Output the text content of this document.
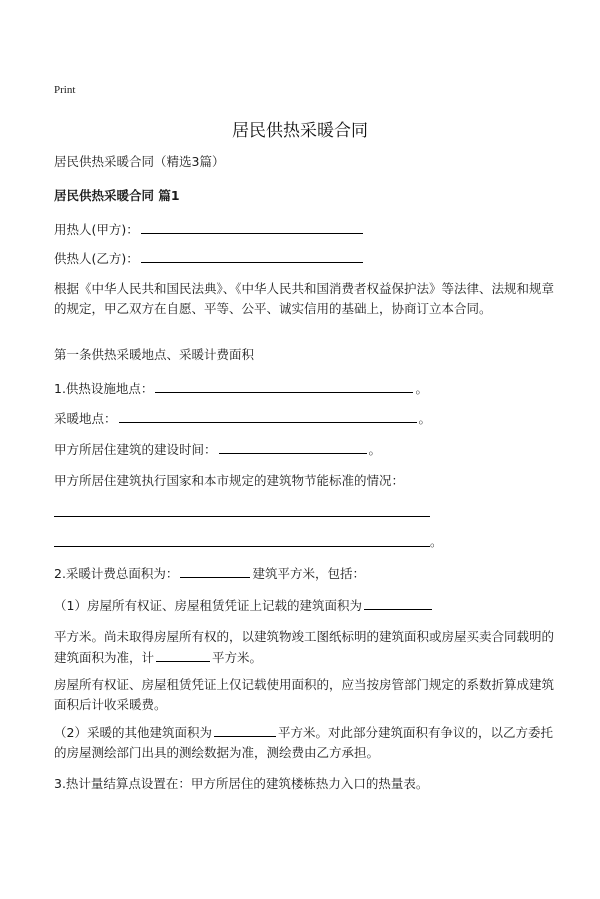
Print
居民供热采暖合同
居民供热采暖合同（精选3篇）
居民供热采暖合同 篇1
用热人(甲方)：
供热人(乙方)：
根据《中华人民共和国民法典》、《中华人民共和国消费者权益保护法》等法律、法规和规章的规定，甲乙双方在自愿、平等、公平、诚实信用的基础上，协商订立本合同。
第一条供热采暖地点、采暖计费面积
1.供热设施地点：	。
采暖地点：	。
甲方所居住建筑的建设时间：	。
甲方所居住建筑执行国家和本市规定的建筑物节能标准的情况：
。
2.采暖计费总面积为：	建筑平方米，包括：
（1）房屋所有权证、房屋租赁凭证上记载的建筑面积为
平方米。尚未取得房屋所有权的，以建筑物竣工图纸标明的建筑面积或房屋买卖合同载明的建筑面积为准，计	平方米。
房屋所有权证、房屋租赁凭证上仅记载使用面积的，应当按房管部门规定的系数折算成建筑面积后计收采暖费。
（2）采暖的其他建筑面积为	平方米。对此部分建筑面积有争议的，以乙方委托的房屋测绘部门出具的测绘数据为准，测绘费由乙方承担。
3.热计量结算点设置在：甲方所居住的建筑楼栋热力入口的热量表。
